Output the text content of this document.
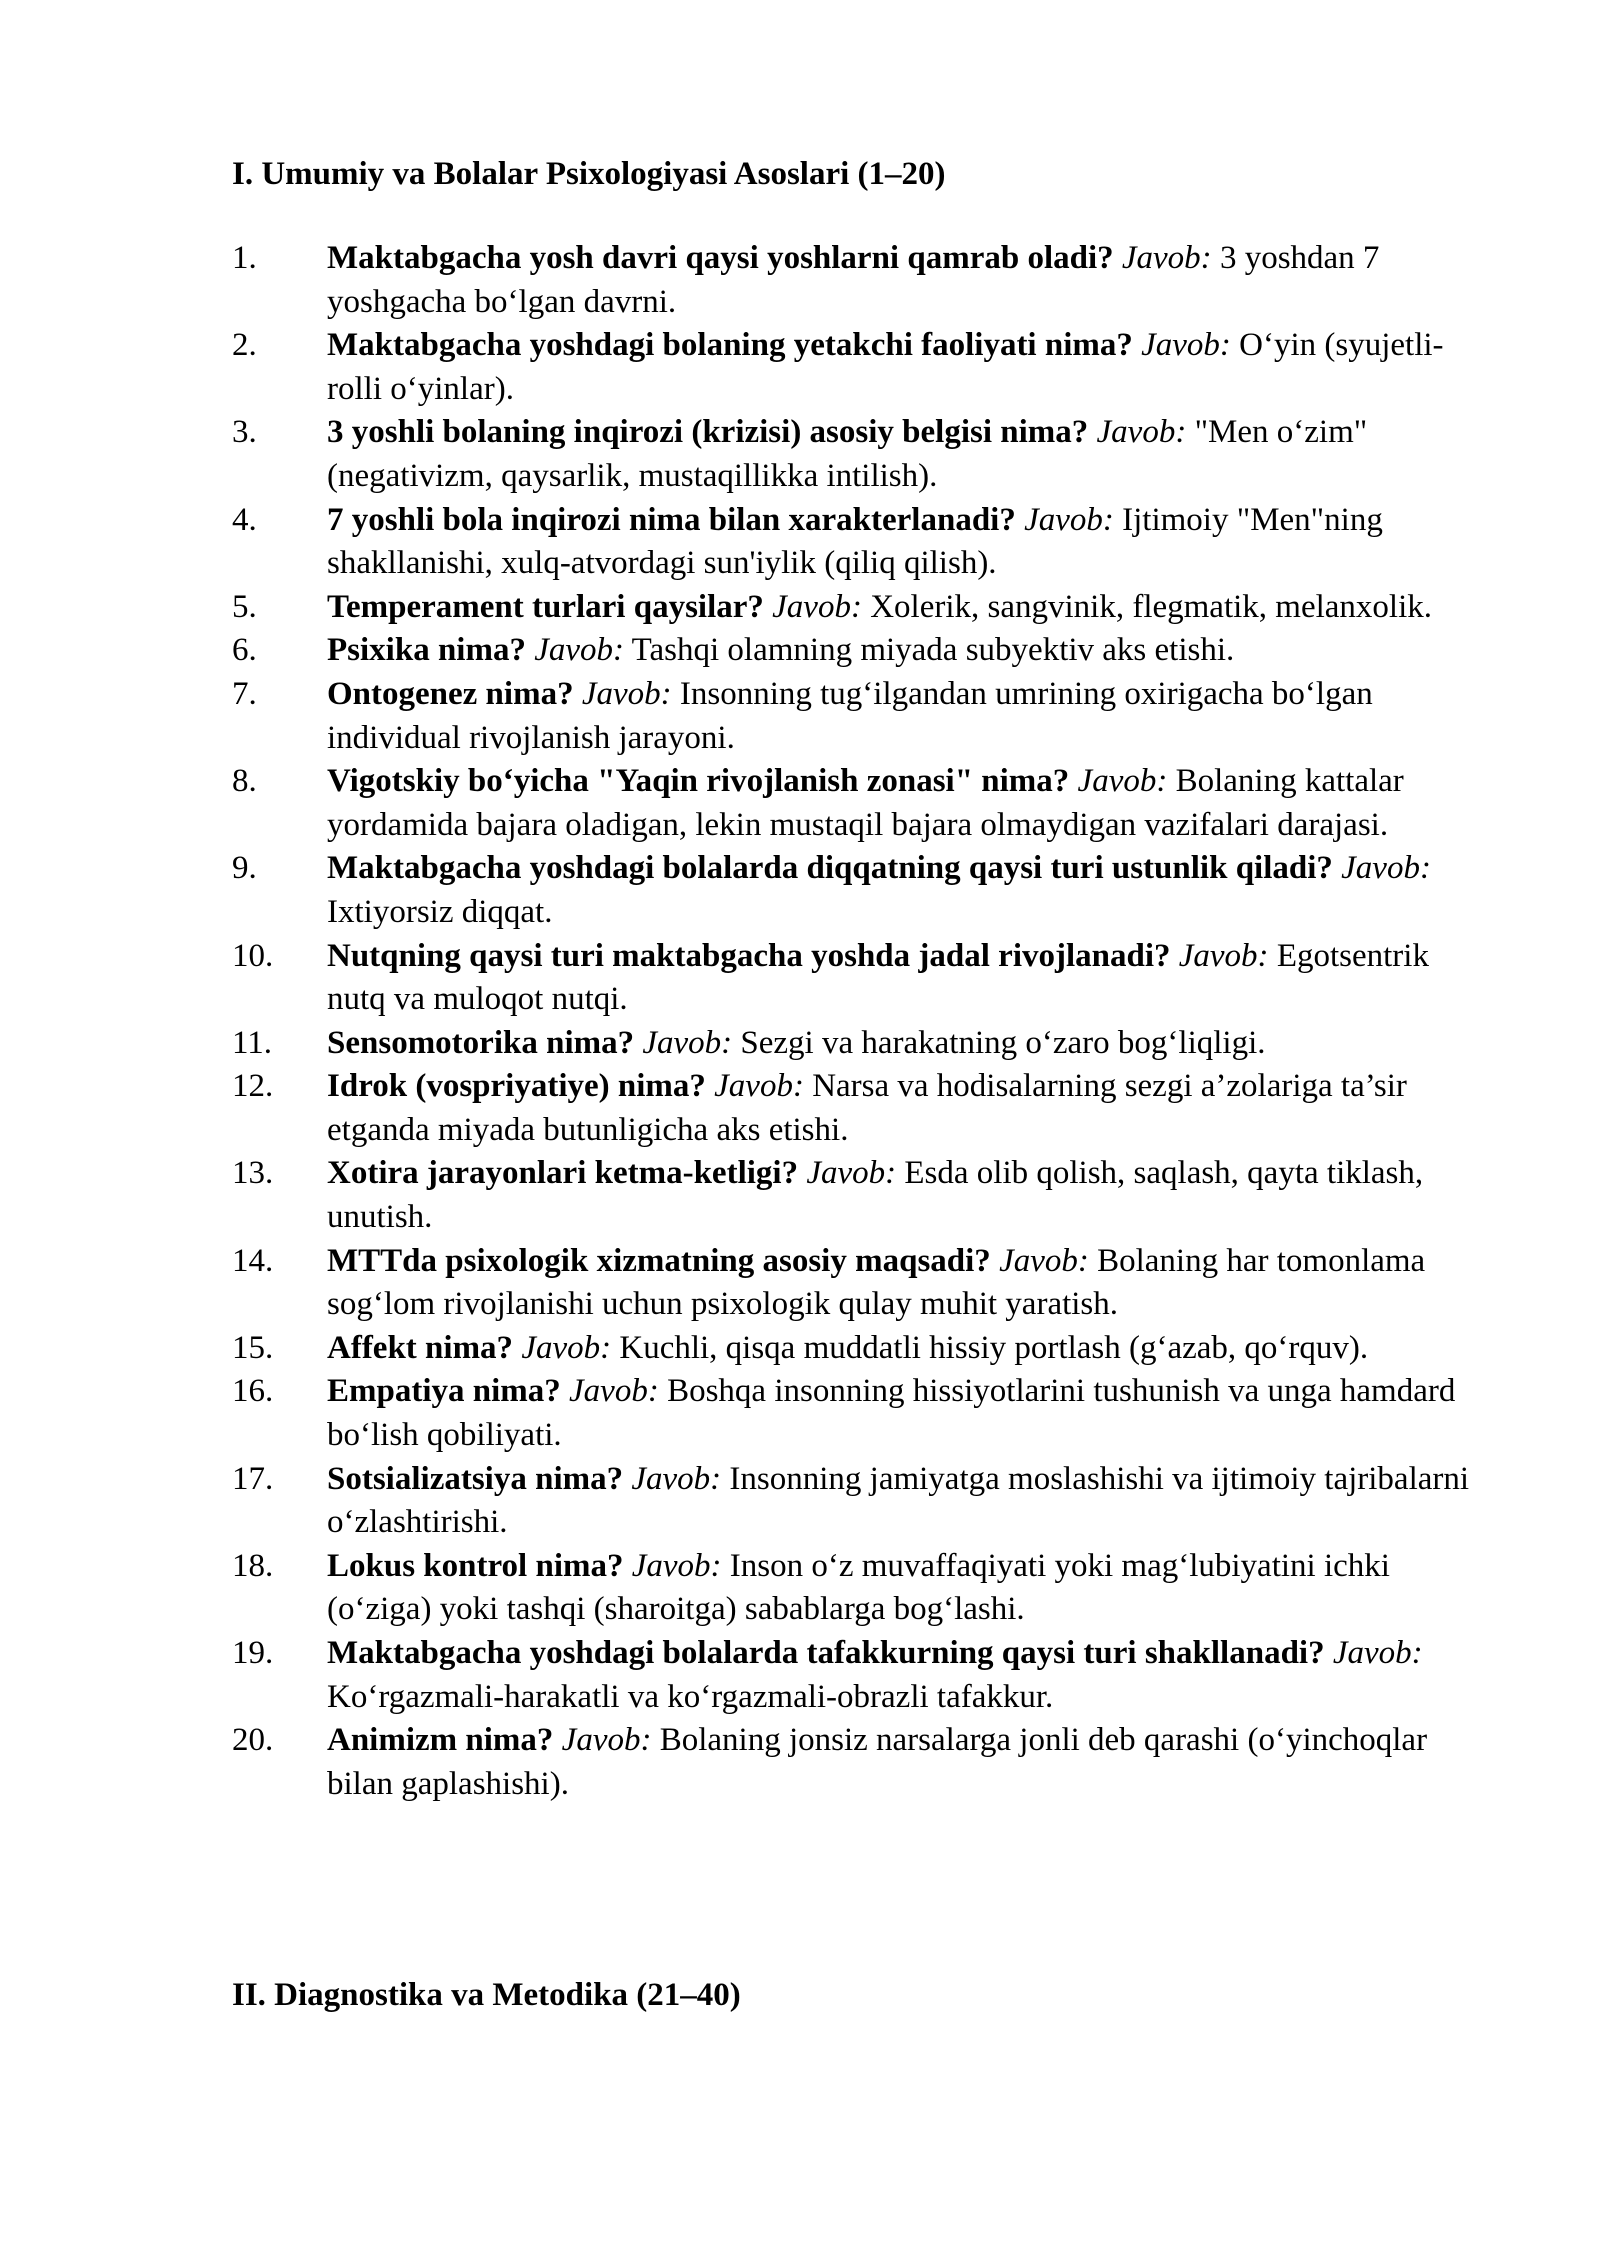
I. Umumiy va Bolalar Psixologiyasi Asoslari (1–20)
1.	Maktabgacha yosh davri qaysi yoshlarni qamrab oladi? Javob: 3 yoshdan 7 yoshgacha bo‘lgan davrni.
2.	Maktabgacha yoshdagi bolaning yetakchi faoliyati nima? Javob: O‘yin (syujetli-rolli o‘yinlar).
3.	3 yoshli bolaning inqirozi (krizisi) asosiy belgisi nima? Javob: "Men o‘zim" (negativizm, qaysarlik, mustaqillikka intilish).
4.	7 yoshli bola inqirozi nima bilan xarakterlanadi? Javob: Ijtimoiy "Men"ning shakllanishi, xulq-atvordagi sun'iylik (qiliq qilish).
5.	Temperament turlari qaysilar? Javob: Xolerik, sangvinik, flegmatik, melanxolik.
6.	Psixika nima? Javob: Tashqi olamning miyada subyektiv aks etishi.
7.	Ontogenez nima? Javob: Insonning tug‘ilgandan umrining oxirigacha bo‘lgan individual rivojlanish jarayoni.
8.	Vigotskiy bo‘yicha "Yaqin rivojlanish zonasi" nima? Javob: Bolaning kattalar yordamida bajara oladigan, lekin mustaqil bajara olmaydigan vazifalari darajasi.
9.	Maktabgacha yoshdagi bolalarda diqqatning qaysi turi ustunlik qiladi? Javob: Ixtiyorsiz diqqat.
10.	Nutqning qaysi turi maktabgacha yoshda jadal rivojlanadi? Javob: Egotsentrik nutq va muloqot nutqi.
11.	Sensomotorika nima? Javob: Sezgi va harakatning o‘zaro bog‘liqligi.
12.	Idrok (vospriyatiye) nima? Javob: Narsa va hodisalarning sezgi a’zolariga ta’sir etganda miyada butunligicha aks etishi.
13.	Xotira jarayonlari ketma-ketligi? Javob: Esda olib qolish, saqlash, qayta tiklash, unutish.
14.	MTTda psixologik xizmatning asosiy maqsadi? Javob: Bolaning har tomonlama sog‘lom rivojlanishi uchun psixologik qulay muhit yaratish.
15.	Affekt nima? Javob: Kuchli, qisqa muddatli hissiy portlash (g‘azab, qo‘rquv).
16.	Empatiya nima? Javob: Boshqa insonning hissiyotlarini tushunish va unga hamdard bo‘lish qobiliyati.
17.	Sotsializatsiya nima? Javob: Insonning jamiyatga moslashishi va ijtimoiy tajribalarni o‘zlashtirishi.
18.	Lokus kontrol nima? Javob: Inson o‘z muvaffaqiyati yoki mag‘lubiyatini ichki (o‘ziga) yoki tashqi (sharoitga) sabablarga bog‘lashi.
19.	Maktabgacha yoshdagi bolalarda tafakkurning qaysi turi shakllanadi? Javob: Ko‘rgazmali-harakatli va ko‘rgazmali-obrazli tafakkur.
20.	Animizm nima? Javob: Bolaning jonsiz narsalarga jonli deb qarashi (o‘yinchoqlar bilan gaplashishi).
II. Diagnostika va Metodika (21–40)
